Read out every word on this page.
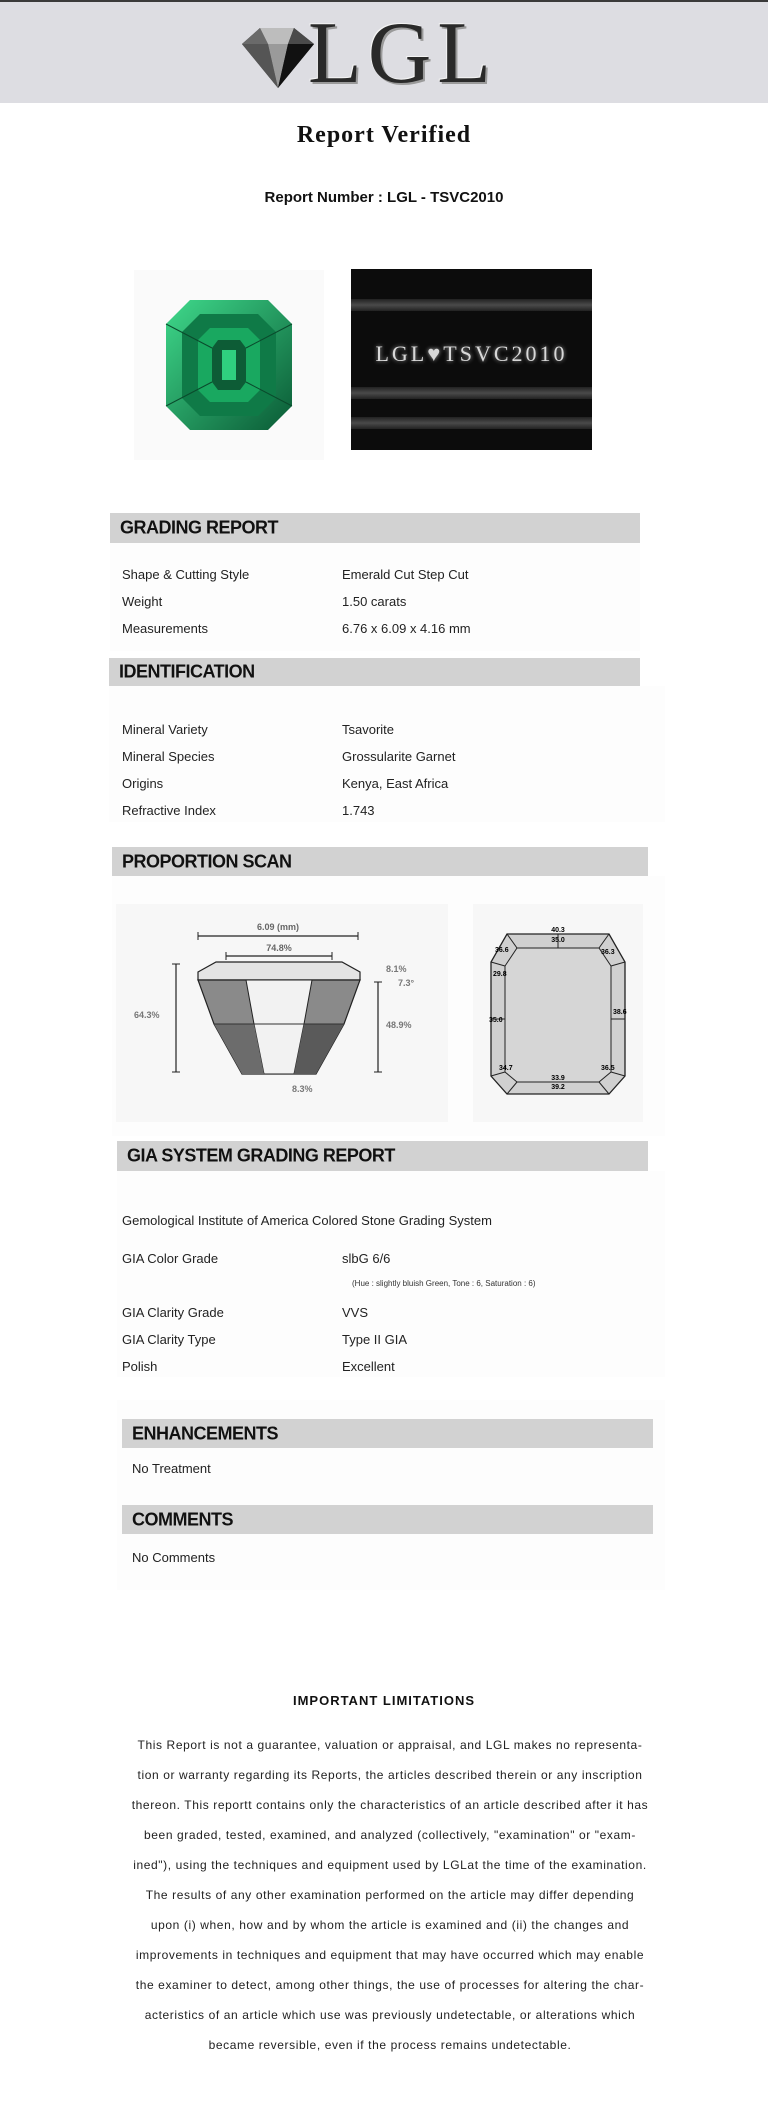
LGL
Report Verified
Report Number : LGL - TSVC2010
LGL♥TSVC2010
GRADING REPORT
Shape & Cutting Style	Emerald Cut Step Cut
Weight	1.50 carats
Measurements	6.76 x 6.09 x 4.16 mm
IDENTIFICATION
Mineral Variety	Tsavorite
Mineral Species	Grossularite Garnet
Origins	Kenya, East Africa
Refractive Index	1.743
PROPORTION SCAN
6.09 (mm)
74.8%
8.1%
7.3°
64.3%
48.9%
8.3%
40.3
35.0
36.6	36.3
29.8
35.0
38.6
34.7	36.5
33.9
39.2
GIA SYSTEM GRADING REPORT
Gemological Institute of America Colored Stone Grading System
GIA Color Grade	slbG 6/6
(Hue : slightly bluish Green, Tone : 6, Saturation : 6)
GIA Clarity Grade	VVS
GIA Clarity Type	Type II GIA
Polish	Excellent
ENHANCEMENTS
No Treatment
COMMENTS
No Comments
IMPORTANT LIMITATIONS
This Report is not a guarantee, valuation or appraisal, and LGL makes no representa-
tion or warranty regarding its Reports, the articles described therein or any inscription
thereon. This reportt contains only the characteristics of an article described after it has
been graded, tested, examined, and analyzed (collectively, "examination" or "exam-
ined"), using the techniques and equipment used by LGLat the time of the examination.
The results of any other examination performed on the article may differ depending
upon (i) when, how and by whom the article is examined and (ii) the changes and
improvements in techniques and equipment that may have occurred which may enable
the examiner to detect, among other things, the use of processes for altering the char-
acteristics of an article which use was previously undetectable, or alterations which
became reversible, even if the process remains undetectable.
